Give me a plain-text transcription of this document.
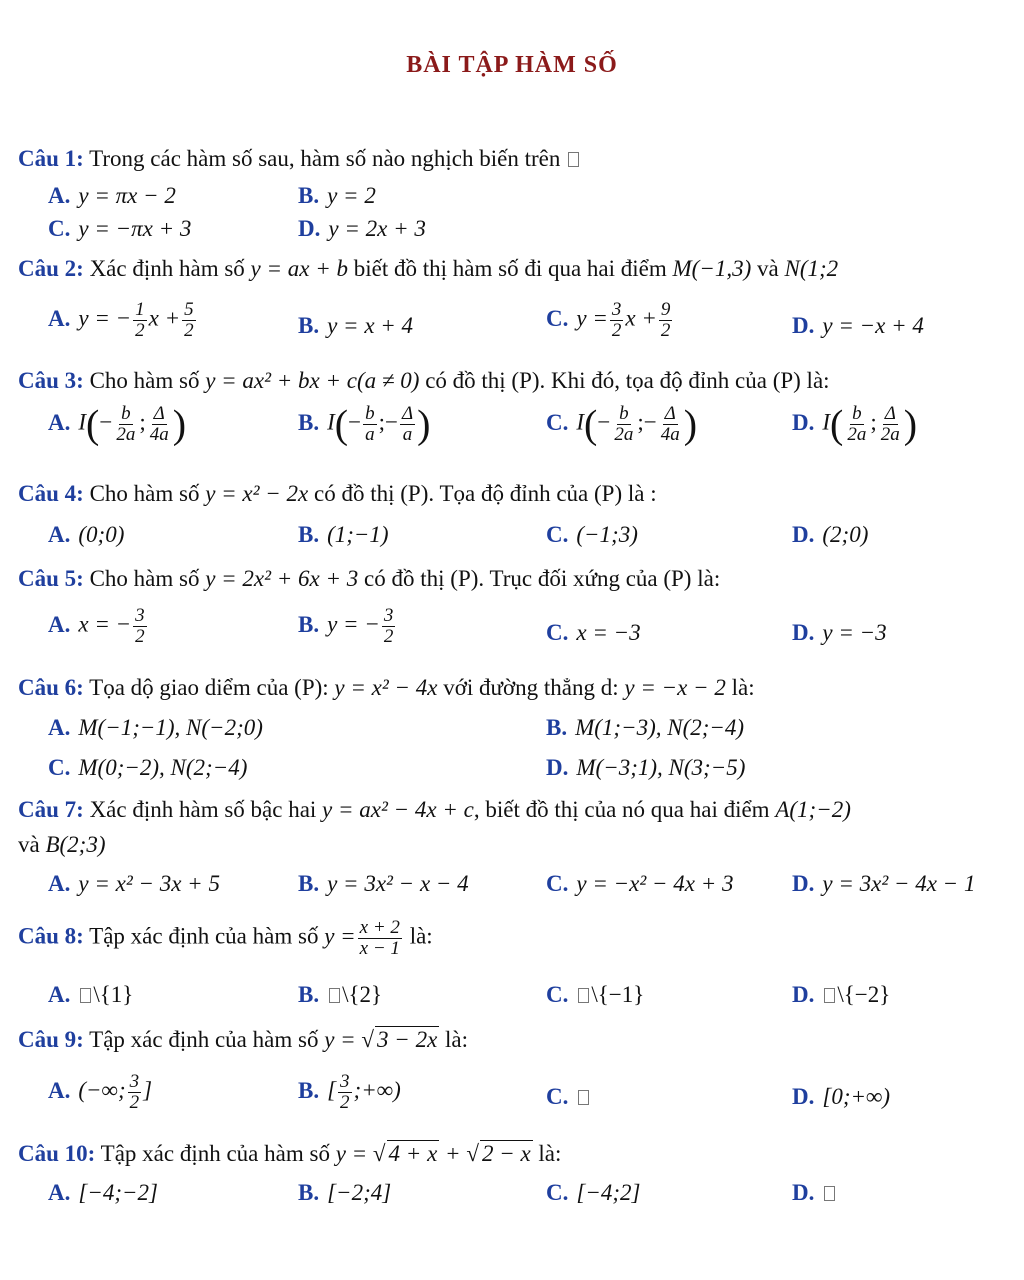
BÀI TẬP HÀM SỐ
Câu 1: Trong các hàm số sau, hàm số nào nghịch biến trên
A. y = πx − 2	B. y = 2
C. y = −πx + 3	D. y = 2x + 3
Câu 2: Xác định hàm số y = ax + b biết đồ thị hàm số đi qua hai điểm M(−1,3) và N(1;2
A. y = − $\frac{1}{2}$ $x + \frac{5}{2}$	B. y = x + 4	C. $y = \frac{3}{2}$ $x + \frac{9}{2}$	D. y = −x + 4
Câu 3: Cho hàm số y = ax² + bx + c(a ≠ 0) có đồ thị (P). Khi đó, tọa độ đỉnh của (P) là:
A. $I(- \frac{b}{2a}$ ; $\frac{\Delta}{4a}$ )	B. $I(- \frac{b}{a}$ ;− $\frac{\Delta}{a}$ )	C. $I(- \frac{b}{2a}$ ;− $\frac{\Delta}{4a}$ )	D. $I( \frac{b}{2a}$ ; $\frac{\Delta}{2a}$ )
Câu 4: Cho hàm số y = x² − 2x có đồ thị (P). Tọa độ đỉnh của (P) là :
A. (0;0)	B. (1;−1)	C. (−1;3)	D. (2;0)
Câu 5: Cho hàm số y = 2x² + 6x + 3 có đồ thị (P). Trục đối xứng của (P) là:
A. x = − $\frac{3}{2}$	B. y = − $\frac{3}{2}$	C. x = −3	D. y = −3
Câu 6: Tọa dộ giao diểm của (P): y = x² − 4x với đường thẳng d: y = −x − 2 là:
A. M(−1;−1), N(−2;0)	B. M(1;−3), N(2;−4)
C. M(0;−2), N(2;−4)	D. M(−3;1), N(3;−5)
Câu 7: Xác định hàm số bậc hai y = ax² − 4x + c, biết đồ thị của nó qua hai điểm A(1;−2)
và B(2;3)
A. y = x² − 3x + 5	B. y = 3x² − x − 4	C. y = −x² − 4x + 3	D. y = 3x² − 4x − 1
Câu 8: Tập xác định của hàm số $y = \frac{x + 2}{x - 1}$ là:
A. \{1}	B. \{2}	C. \{−1}	D. \{−2}
Câu 9: Tập xác định của hàm số y = √ 3 − 2x là:
A. (−∞; $\frac{3}{2}$ ]	B. [ $\frac{3}{2}$ ;+∞)	C.	D. [0;+∞)
Câu 10: Tập xác định của hàm số y = √ 4 + x + √ 2 − x là:
A. [−4;−2]	B. [−2;4]	C. [−4;2]	D.
